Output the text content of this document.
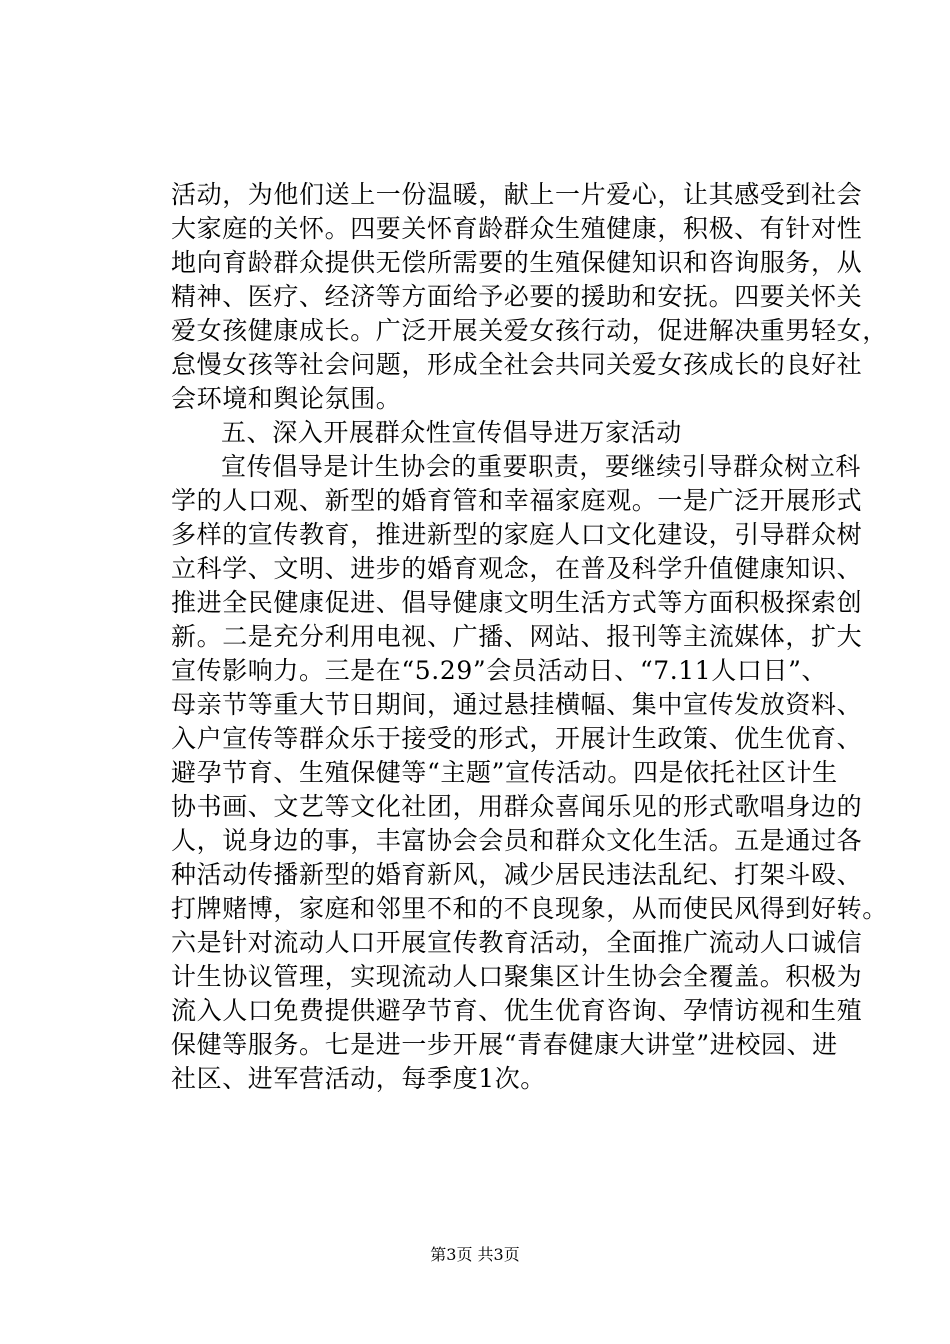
活动，为他们送上一份温暖，献上一片爱心，让其感受到社会
大家庭的关怀。四要关怀育龄群众生殖健康，积极、有针对性
地向育龄群众提供无偿所需要的生殖保健知识和咨询服务，从
精神、医疗、经济等方面给予必要的援助和安抚。四要关怀关
爱女孩健康成长。广泛开展关爱女孩行动，促进解决重男轻女，
怠慢女孩等社会问题，形成全社会共同关爱女孩成长的良好社
会环境和舆论氛围。
五、深入开展群众性宣传倡导进万家活动
宣传倡导是计生协会的重要职责，要继续引导群众树立科
学的人口观、新型的婚育管和幸福家庭观。一是广泛开展形式
多样的宣传教育，推进新型的家庭人口文化建设，引导群众树
立科学、文明、进步的婚育观念，在普及科学升值健康知识、
推进全民健康促进、倡导健康文明生活方式等方面积极探索创
新。二是充分利用电视、广播、网站、报刊等主流媒体，扩大
宣传影响力。三是在“5.29”会员活动日、“7.11人口日”、
母亲节等重大节日期间，通过悬挂横幅、集中宣传发放资料、
入户宣传等群众乐于接受的形式，开展计生政策、优生优育、
避孕节育、生殖保健等“主题”宣传活动。四是依托社区计生
协书画、文艺等文化社团，用群众喜闻乐见的形式歌唱身边的
人，说身边的事，丰富协会会员和群众文化生活。五是通过各
种活动传播新型的婚育新风，减少居民违法乱纪、打架斗殴、
打牌赌博，家庭和邻里不和的不良现象，从而使民风得到好转。
六是针对流动人口开展宣传教育活动，全面推广流动人口诚信
计生协议管理，实现流动人口聚集区计生协会全覆盖。积极为
流入人口免费提供避孕节育、优生优育咨询、孕情访视和生殖
保健等服务。七是进一步开展“青春健康大讲堂”进校园、进
社区、进军营活动，每季度1次。
第3页 共3页
